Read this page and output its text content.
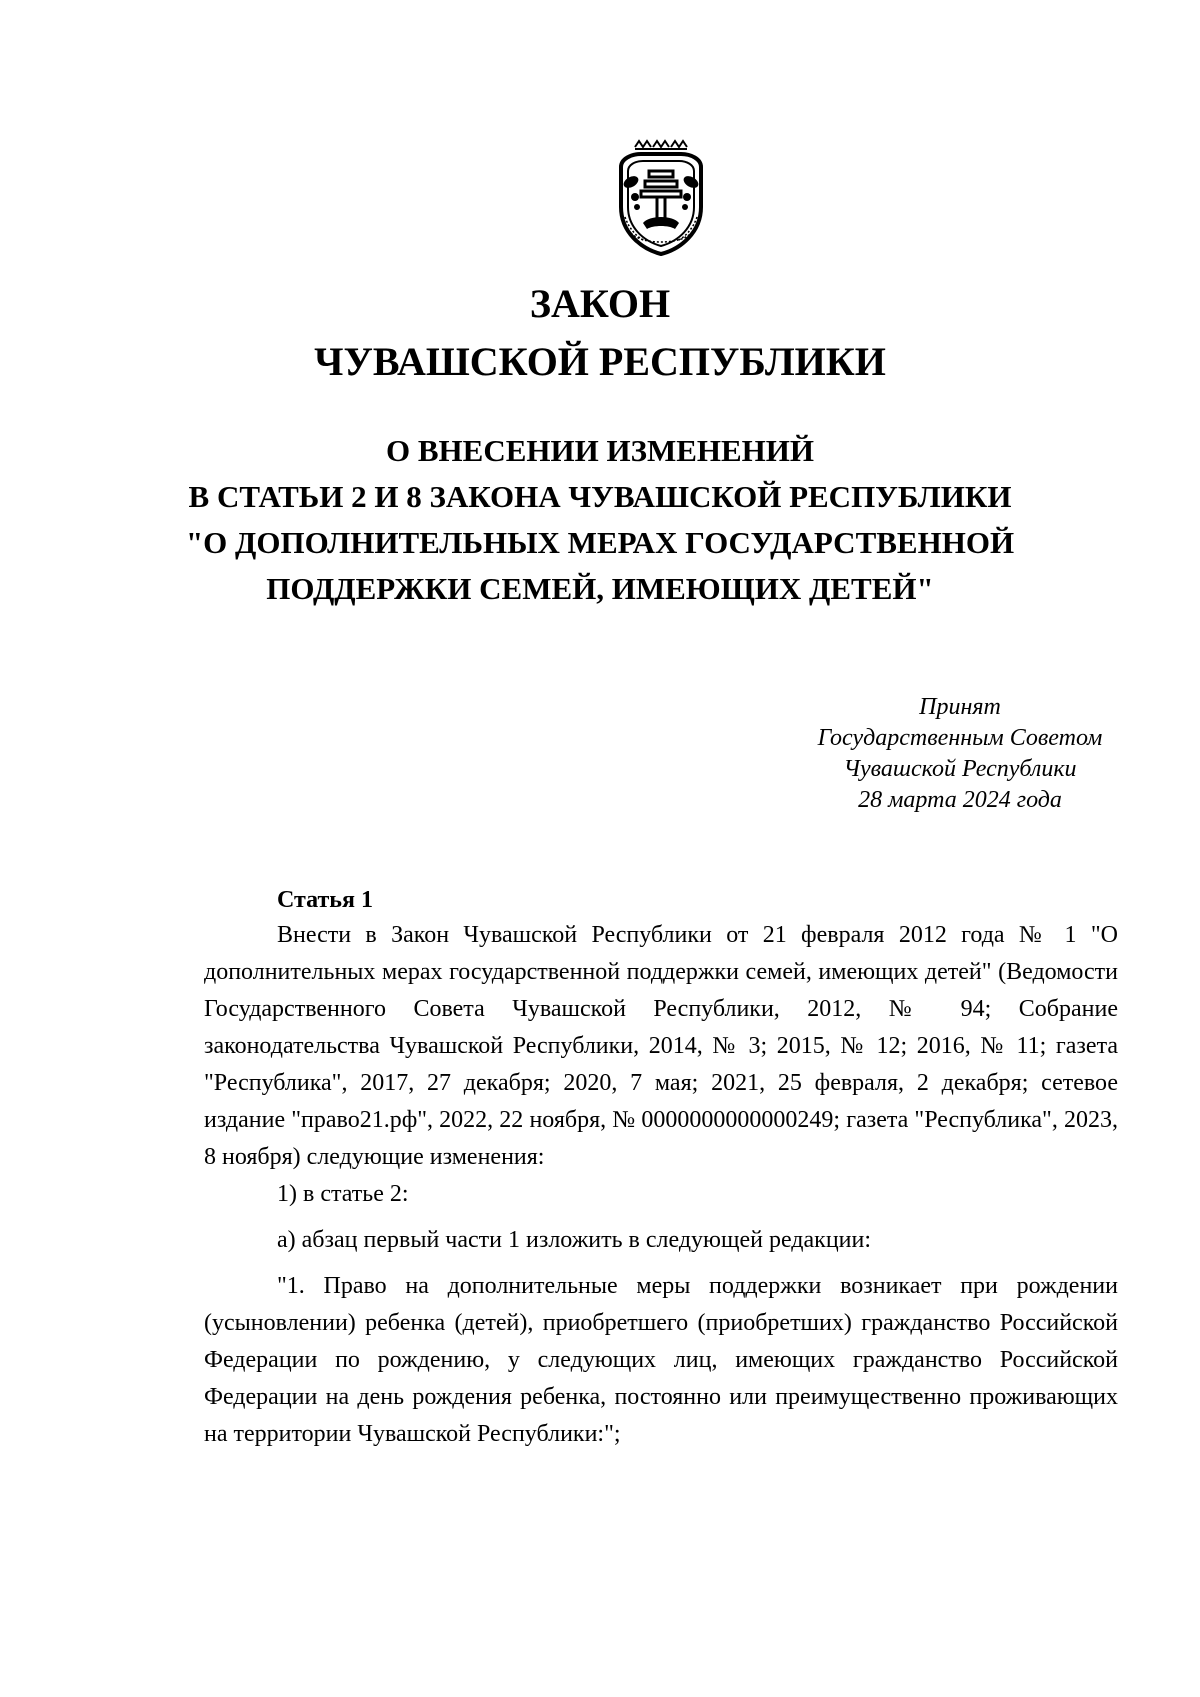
ЗАКОН
ЧУВАШСКОЙ РЕСПУБЛИКИ
О ВНЕСЕНИИ ИЗМЕНЕНИЙ
В СТАТЬИ 2 И 8 ЗАКОНА ЧУВАШСКОЙ РЕСПУБЛИКИ
"О ДОПОЛНИТЕЛЬНЫХ МЕРАХ ГОСУДАРСТВЕННОЙ
ПОДДЕРЖКИ СЕМЕЙ, ИМЕЮЩИХ ДЕТЕЙ"
Принят
Государственным Советом
Чувашской Республики
28 марта 2024 года
Статья 1

Внести в Закон Чувашской Республики от 21 февраля 2012 года № 1 "О дополнительных мерах государственной поддержки семей, имеющих детей" (Ведомости Государственного Совета Чувашской Республики, 2012, № 94; Собрание законодательства Чувашской Республики, 2014, № 3; 2015, № 12; 2016, № 11; газета "Республика", 2017, 27 декабря; 2020, 7 мая; 2021, 25 февраля, 2 декабря; сетевое издание "право21.рф", 2022, 22 ноября, № 0000000000000249; газета "Республика", 2023, 8 ноября) следующие изменения:

1) в статье 2:

а) абзац первый части 1 изложить в следующей редакции:

"1. Право на дополнительные меры поддержки возникает при рождении (усыновлении) ребенка (детей), приобретшего (приобретших) гражданство Российской Федерации по рождению, у следующих лиц, имеющих гражданство Российской Федерации на день рождения ребенка, постоянно или преимущественно проживающих на территории Чувашской Республики:";
